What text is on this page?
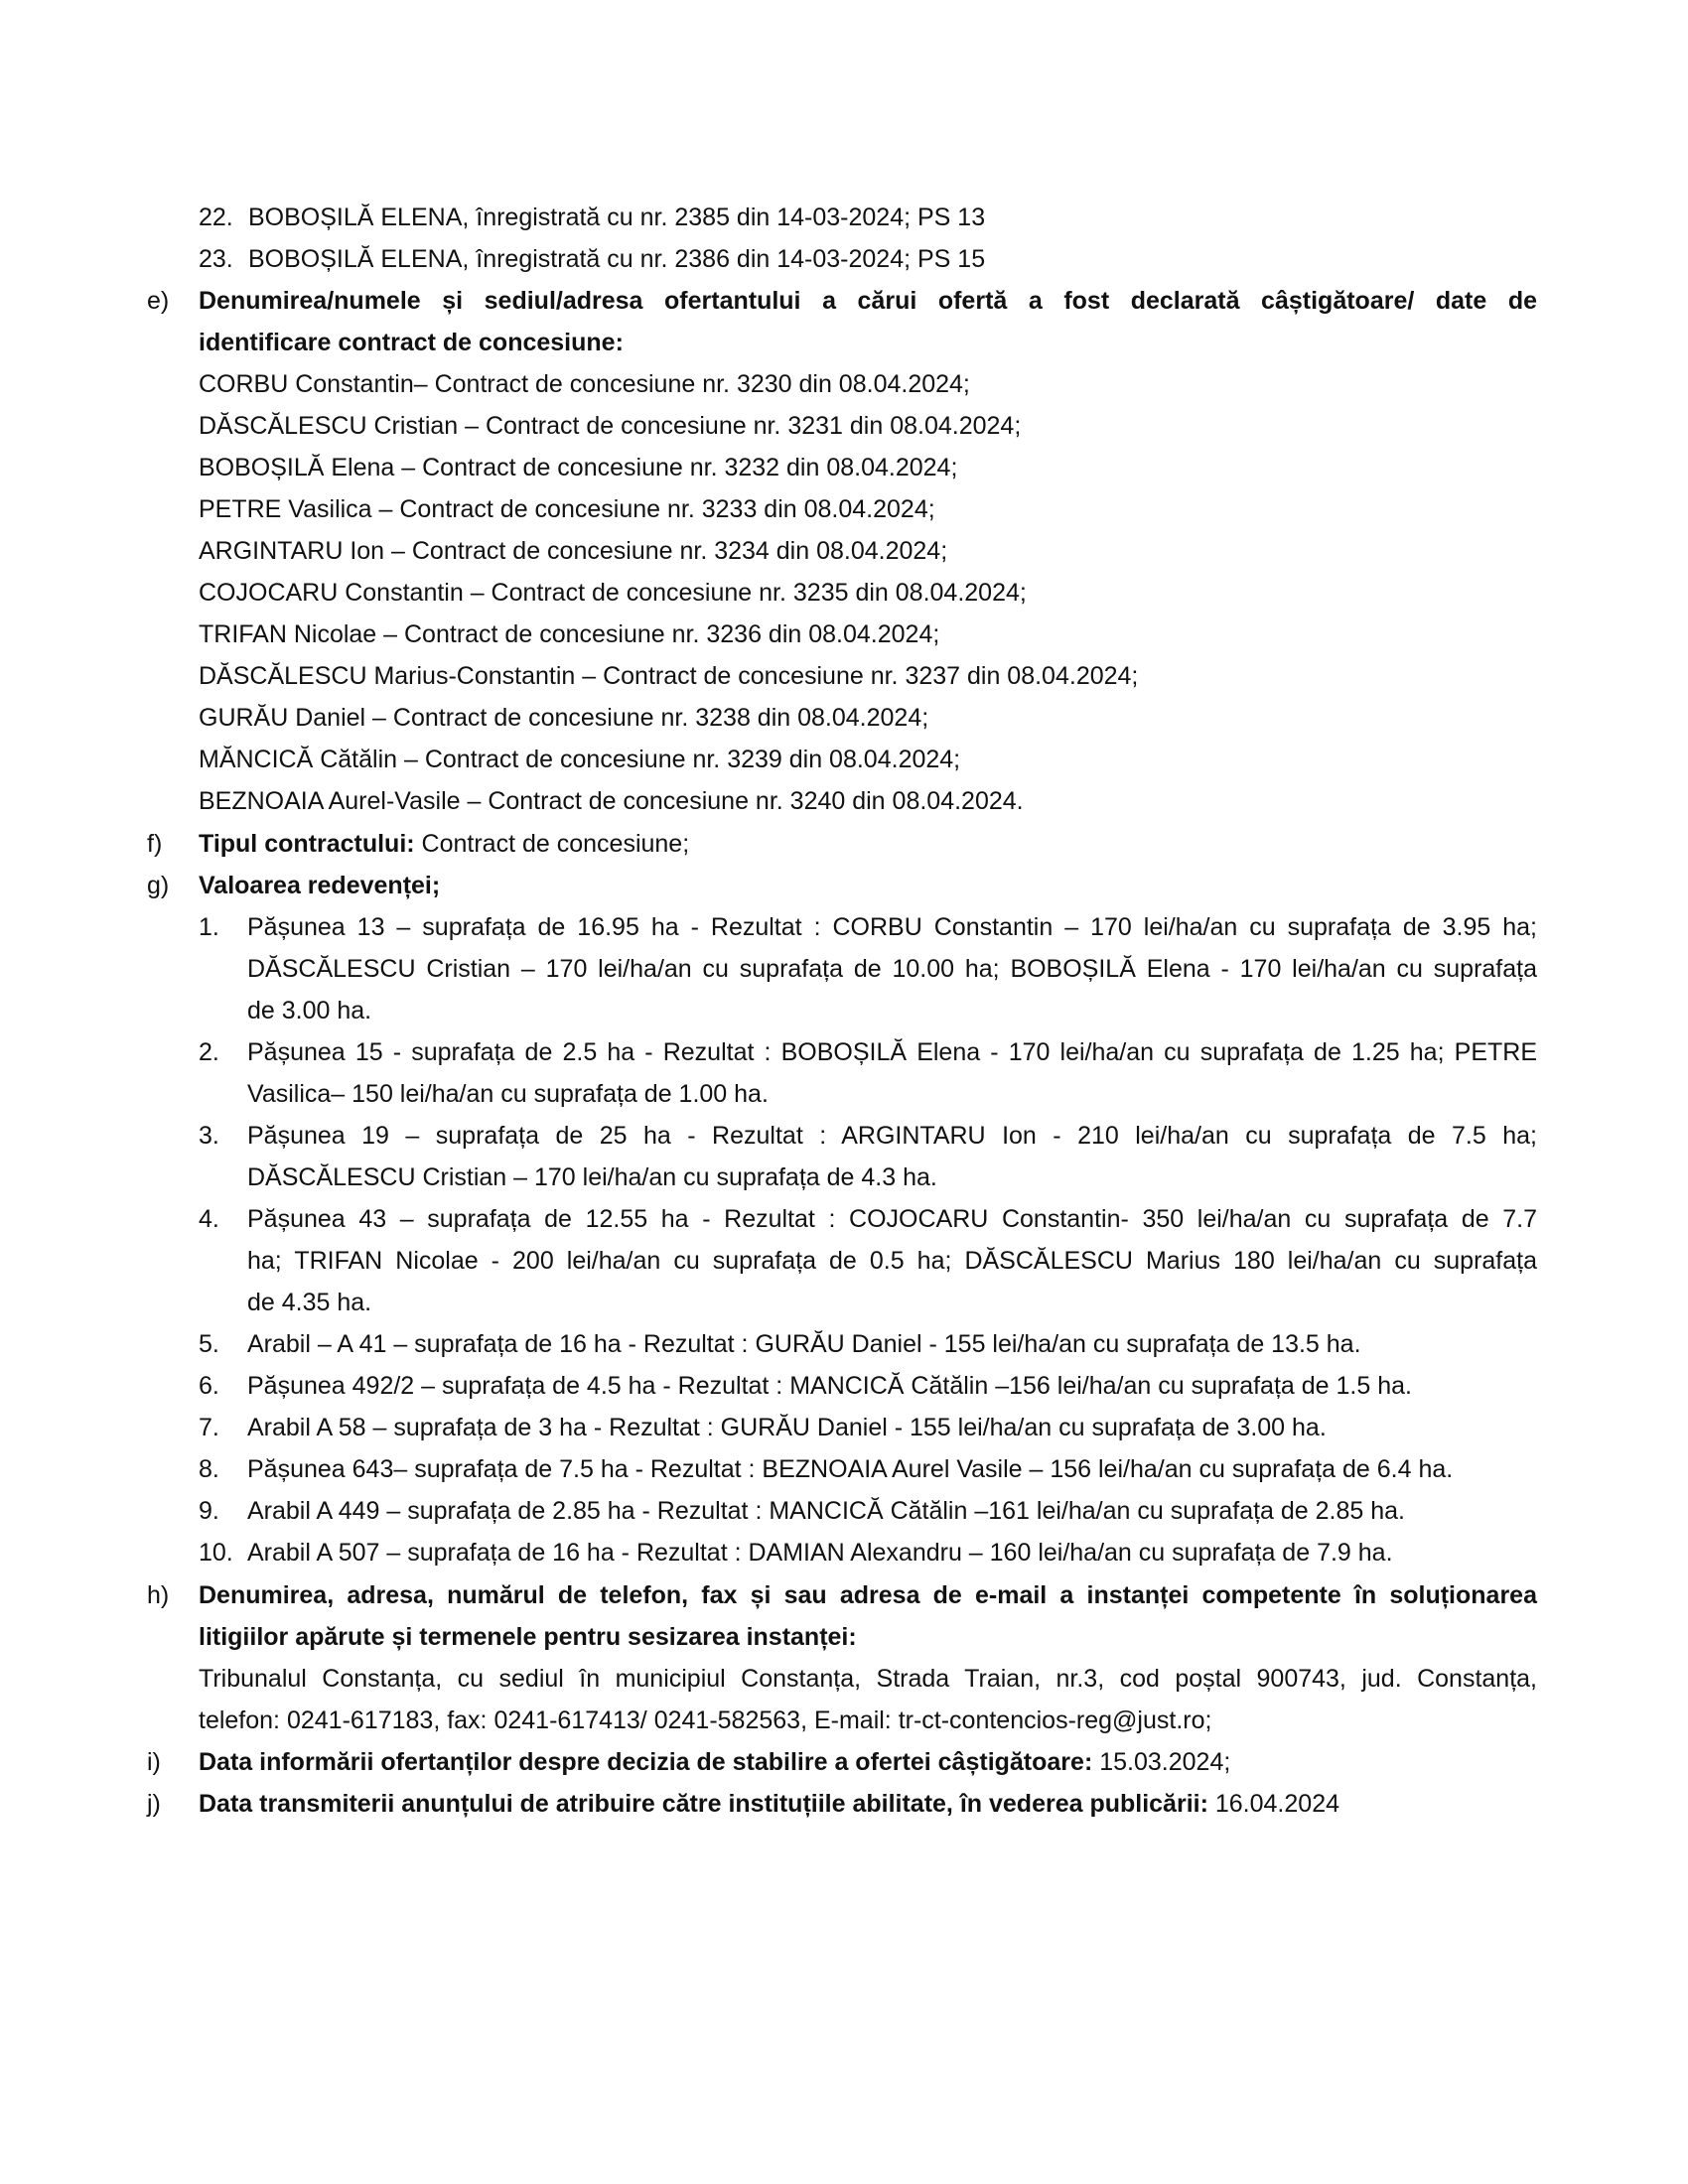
22. BOBOȘILĂ ELENA, înregistrată cu nr. 2385 din 14-03-2024; PS 13
23. BOBOȘILĂ ELENA, înregistrată cu nr. 2386 din 14-03-2024; PS 15
e) Denumirea/numele și sediul/adresa ofertantului a cărui ofertă a fost declarată câștigătoare/ date de
identificare contract de concesiune:
CORBU Constantin– Contract de concesiune nr. 3230 din 08.04.2024;
DĂSCĂLESCU Cristian – Contract de concesiune nr. 3231 din 08.04.2024;
BOBOȘILĂ Elena – Contract de concesiune nr. 3232 din 08.04.2024;
PETRE Vasilica – Contract de concesiune nr. 3233 din 08.04.2024;
ARGINTARU Ion – Contract de concesiune nr. 3234 din 08.04.2024;
COJOCARU Constantin – Contract de concesiune nr. 3235 din 08.04.2024;
TRIFAN Nicolae – Contract de concesiune nr. 3236 din 08.04.2024;
DĂSCĂLESCU Marius-Constantin – Contract de concesiune nr. 3237 din 08.04.2024;
GURĂU Daniel – Contract de concesiune nr. 3238 din 08.04.2024;
MĂNCICĂ Cătălin – Contract de concesiune nr. 3239 din 08.04.2024;
BEZNOAIA Aurel-Vasile – Contract de concesiune nr. 3240 din 08.04.2024.
f) Tipul contractului: Contract de concesiune;
g) Valoarea redevenței;
1. Pășunea 13 – suprafața de 16.95 ha - Rezultat : CORBU Constantin – 170 lei/ha/an cu suprafața de 3.95 ha;
DĂSCĂLESCU Cristian – 170 lei/ha/an cu suprafața de 10.00 ha; BOBOȘILĂ Elena - 170 lei/ha/an cu suprafața
de 3.00 ha.
2. Pășunea 15 - suprafața de 2.5 ha - Rezultat : BOBOȘILĂ Elena - 170 lei/ha/an cu suprafața de 1.25 ha; PETRE
Vasilica– 150 lei/ha/an cu suprafața de 1.00 ha.
3. Pășunea 19 – suprafața de 25 ha - Rezultat : ARGINTARU Ion - 210 lei/ha/an cu suprafața de 7.5 ha;
DĂSCĂLESCU Cristian – 170 lei/ha/an cu suprafața de 4.3 ha.
4. Pășunea 43 – suprafața de 12.55 ha - Rezultat : COJOCARU Constantin- 350 lei/ha/an cu suprafața de 7.7
ha; TRIFAN Nicolae - 200 lei/ha/an cu suprafața de 0.5 ha; DĂSCĂLESCU Marius 180 lei/ha/an cu suprafața
de 4.35 ha.
5. Arabil – A 41 – suprafața de 16 ha - Rezultat : GURĂU Daniel - 155 lei/ha/an cu suprafața de 13.5 ha.
6. Pășunea 492/2 – suprafața de 4.5 ha - Rezultat : MANCICĂ Cătălin –156 lei/ha/an cu suprafața de 1.5 ha.
7. Arabil A 58 – suprafața de 3 ha - Rezultat : GURĂU Daniel - 155 lei/ha/an cu suprafața de 3.00 ha.
8. Pășunea 643– suprafața de 7.5 ha - Rezultat : BEZNOAIA Aurel Vasile – 156 lei/ha/an cu suprafața de 6.4 ha.
9. Arabil A 449 – suprafața de 2.85 ha - Rezultat : MANCICĂ Cătălin –161 lei/ha/an cu suprafața de 2.85 ha.
10. Arabil A 507 – suprafața de 16 ha - Rezultat : DAMIAN Alexandru – 160 lei/ha/an cu suprafața de 7.9 ha.
h) Denumirea, adresa, numărul de telefon, fax și sau adresa de e-mail a instanței competente în soluționarea
litigiilor apărute și termenele pentru sesizarea instanței:
Tribunalul Constanța, cu sediul în municipiul Constanța, Strada Traian, nr.3, cod poștal 900743, jud. Constanța,
telefon: 0241-617183, fax: 0241-617413/ 0241-582563, E-mail: tr-ct-contencios-reg@just.ro;
i) Data informării ofertanților despre decizia de stabilire a ofertei câștigătoare: 15.03.2024;
j) Data transmiterii anunțului de atribuire către instituțiile abilitate, în vederea publicării: 16.04.2024
